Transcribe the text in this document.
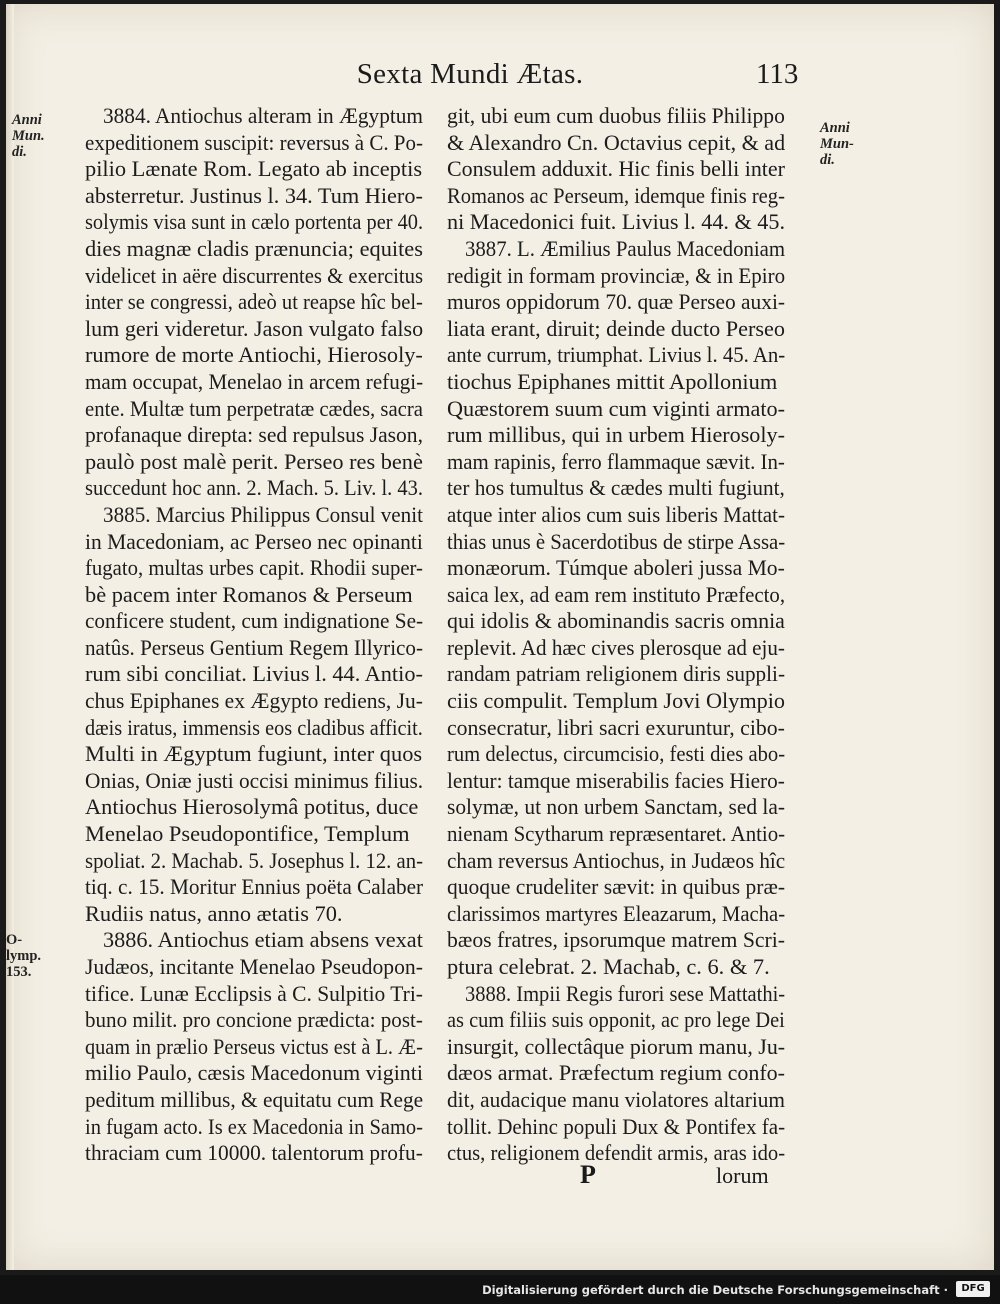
Sexta Mundi Ætas.	113
Anni
Mun.
di.
Anni
Mun-
di.
O-
lymp.
153.
3884. Antiochus alteram in Ægyptum
expeditionem suscipit: reversus à C. Po-
pilio Lænate Rom. Legato ab inceptis
absterretur. Justinus l. 34. Tum Hiero-
solymis visa sunt in cælo portenta per 40.
dies magnæ cladis prænuncia; equites
videlicet in aëre discurrentes & exercitus
inter se congressi, adeò ut reapse hîc bel-
lum geri videretur. Jason vulgato falso
rumore de morte Antiochi, Hierosoly-
mam occupat, Menelao in arcem refugi-
ente. Multæ tum perpetratæ cædes, sacra
profanaque direpta: sed repulsus Jason,
paulò post malè perit. Perseo res benè
succedunt hoc ann. 2. Mach. 5. Liv. l. 43.
3885. Marcius Philippus Consul venit
in Macedoniam, ac Perseo nec opinanti
fugato, multas urbes capit. Rhodii super-
bè pacem inter Romanos & Perseum
conficere student, cum indignatione Se-
natûs. Perseus Gentium Regem Illyrico-
rum sibi conciliat. Livius l. 44. Antio-
chus Epiphanes ex Ægypto rediens, Ju-
dæis iratus, immensis eos cladibus afficit.
Multi in Ægyptum fugiunt, inter quos
Onias, Oniæ justi occisi minimus filius.
Antiochus Hierosolymâ potitus, duce
Menelao Pseudopontifice, Templum
spoliat. 2. Machab. 5. Josephus l. 12. an-
tiq. c. 15. Moritur Ennius poëta Calaber
Rudiis natus, anno ætatis 70.
3886. Antiochus etiam absens vexat
Judæos, incitante Menelao Pseudopon-
tifice. Lunæ Ecclipsis à C. Sulpitio Tri-
buno milit. pro concione prædicta: post-
quam in prælio Perseus victus est à L. Æ-
milio Paulo, cæsis Macedonum viginti
peditum millibus, & equitatu cum Rege
in fugam acto. Is ex Macedonia in Samo-
thraciam cum 10000. talentorum profu-
git, ubi eum cum duobus filiis Philippo
& Alexandro Cn. Octavius cepit, & ad
Consulem adduxit. Hic finis belli inter
Romanos ac Perseum, idemque finis reg-
ni Macedonici fuit. Livius l. 44. & 45.
3887. L. Æmilius Paulus Macedoniam
redigit in formam provinciæ, & in Epiro
muros oppidorum 70. quæ Perseo auxi-
liata erant, diruit; deinde ducto Perseo
ante currum, triumphat. Livius l. 45. An-
tiochus Epiphanes mittit Apollonium
Quæstorem suum cum viginti armato-
rum millibus, qui in urbem Hierosoly-
mam rapinis, ferro flammaque sævit. In-
ter hos tumultus & cædes multi fugiunt,
atque inter alios cum suis liberis Mattat-
thias unus è Sacerdotibus de stirpe Assa-
monæorum. Túmque aboleri jussa Mo-
saica lex, ad eam rem instituto Præfecto,
qui idolis & abominandis sacris omnia
replevit. Ad hæc cives plerosque ad eju-
randam patriam religionem diris suppli-
ciis compulit. Templum Jovi Olympio
consecratur, libri sacri exuruntur, cibo-
rum delectus, circumcisio, festi dies abo-
lentur: tamque miserabilis facies Hiero-
solymæ, ut non urbem Sanctam, sed la-
nienam Scytharum repræsentaret. Antio-
cham reversus Antiochus, in Judæos hîc
quoque crudeliter sævit: in quibus præ-
clarissimos martyres Eleazarum, Macha-
bæos fratres, ipsorumque matrem Scri-
ptura celebrat. 2. Machab, c. 6. & 7.
3888. Impii Regis furori sese Mattathi-
as cum filiis suis opponit, ac pro lege Dei
insurgit, collectâque piorum manu, Ju-
dæos armat. Præfectum regium confo-
dit, audacique manu violatores altarium
tollit. Dehinc populi Dux & Pontifex fa-
ctus, religionem defendit armis, aras ido-
P	lorum
Digitalisierung gefördert durch die Deutsche Forschungsgemeinschaft ·	DFG
